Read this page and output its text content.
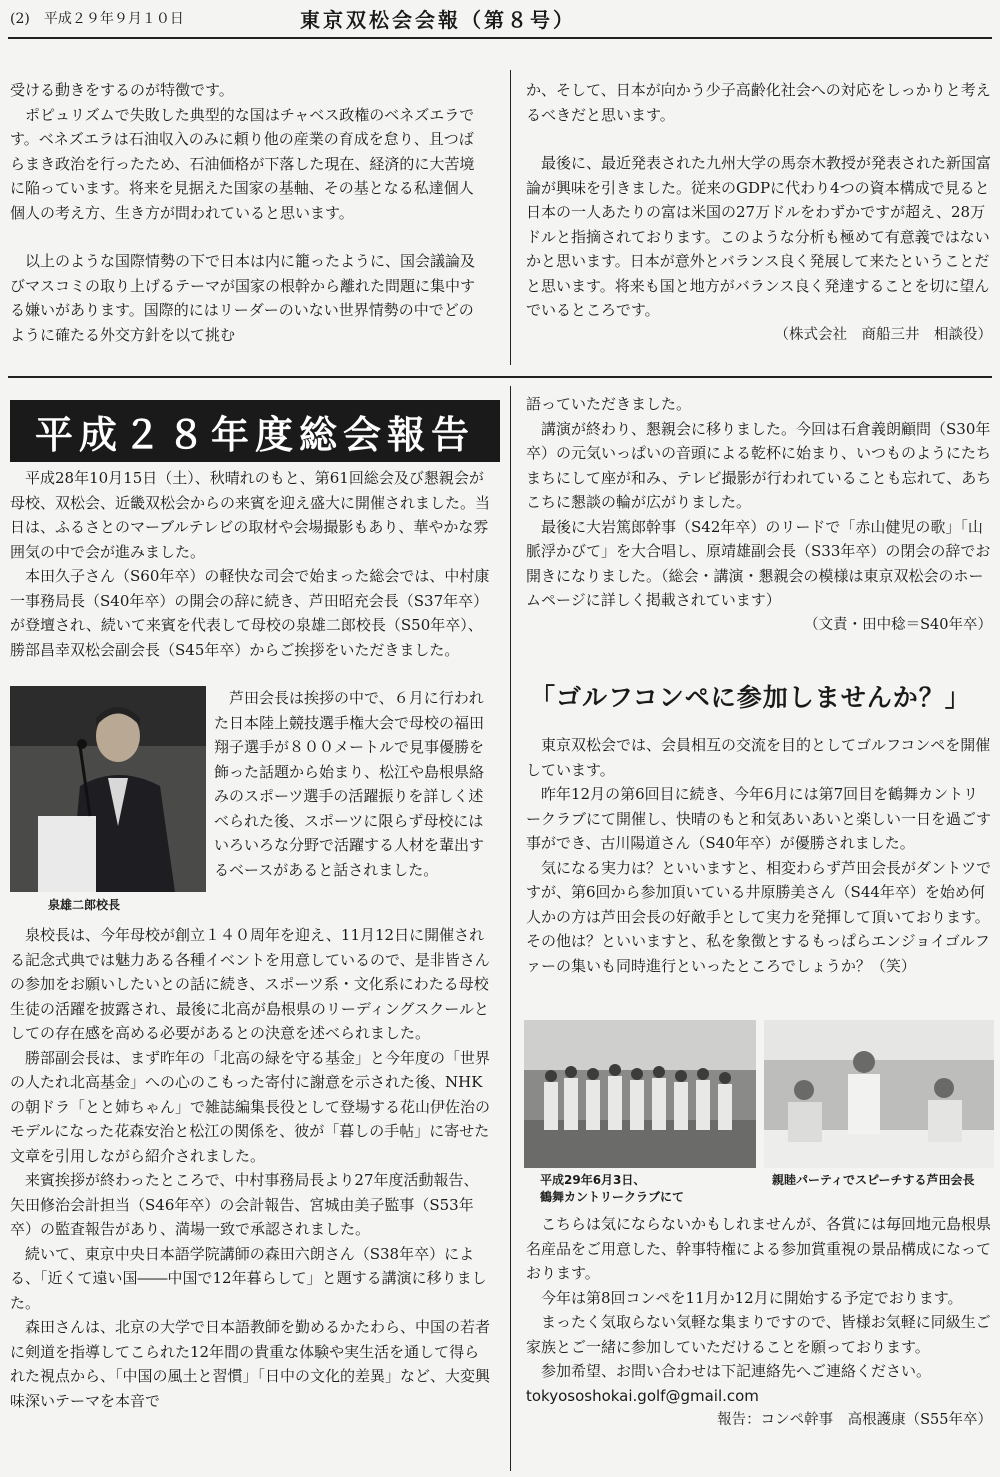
(2)　平成２９年９月１０日	東京双松会会報（第８号）

受ける動きをするのが特徴です。

ポピュリズムで失敗した典型的な国はチャベス政権のベネズエラです。ベネズエラは石油収入のみに頼り他の産業の育成を怠り、且つばらまき政治を行ったため、石油価格が下落した現在、経済的に大苦境に陥っています。将来を見据えた国家の基軸、その基となる私達個人個人の考え方、生き方が問われていると思います。

以上のような国際情勢の下で日本は内に籠ったように、国会議論及びマスコミの取り上げるテーマが国家の根幹から離れた問題に集中する嫌いがあります。国際的にはリーダーのいない世界情勢の中でどのように確たる外交方針を以て挑む

か、そして、日本が向かう少子高齢化社会への対応をしっかりと考えるべきだと思います。

最後に、最近発表された九州大学の馬奈木教授が発表された新国富論が興味を引きました。従来のGDPに代わり4つの資本構成で見ると日本の一人あたりの富は米国の27万ドルをわずかですが超え、28万ドルと指摘されております。このような分析も極めて有意義ではないかと思います。日本が意外とバランス良く発展して来たということだと思います。将来も国と地方がバランス良く発達することを切に望んでいるところです。

（株式会社　商船三井　相談役）
平成２８年度総会報告

平成28年10月15日（土）、秋晴れのもと、第61回総会及び懇親会が母校、双松会、近畿双松会からの来賓を迎え盛大に開催されました。当日は、ふるさとのマーブルテレビの取材や会場撮影もあり、華やかな雰囲気の中で会が進みました。

本田久子さん（S60年卒）の軽快な司会で始まった総会では、中村康一事務局長（S40年卒）の開会の辞に続き、芦田昭充会長（S37年卒）が登壇され、続いて来賓を代表して母校の泉雄二郎校長（S50年卒）、勝部昌幸双松会副会長（S45年卒）からご挨拶をいただきました。

泉雄二郎校長

芦田会長は挨拶の中で、６月に行われた日本陸上競技選手権大会で母校の福田翔子選手が８００メートルで見事優勝を飾った話題から始まり、松江や島根県絡みのスポーツ選手の活躍振りを詳しく述べられた後、スポーツに限らず母校にはいろいろな分野で活躍する人材を輩出するベースがあると話されました。

泉校長は、今年母校が創立１４０周年を迎え、11月12日に開催される記念式典では魅力ある各種イベントを用意しているので、是非皆さんの参加をお願いしたいとの話に続き、スポーツ系・文化系にわたる母校生徒の活躍を披露され、最後に北高が島根県のリーディングスクールとしての存在感を高める必要があるとの決意を述べられました。

勝部副会長は、まず昨年の「北高の緑を守る基金」と今年度の「世界の人たれ北高基金」への心のこもった寄付に謝意を示された後、NHKの朝ドラ「とと姉ちゃん」で雑誌編集長役として登場する花山伊佐治のモデルになった花森安治と松江の関係を、彼が「暮しの手帖」に寄せた文章を引用しながら紹介されました。

来賓挨拶が終わったところで、中村事務局長より27年度活動報告、矢田修治会計担当（S46年卒）の会計報告、宮城由美子監事（S53年卒）の監査報告があり、満場一致で承認されました。

続いて、東京中央日本語学院講師の森田六朗さん（S38年卒）による、「近くて遠い国――中国で12年暮らして」と題する講演に移りました。

森田さんは、北京の大学で日本語教師を勤めるかたわら、中国の若者に剣道を指導してこられた12年間の貴重な体験や実生活を通して得られた視点から、「中国の風土と習慣」「日中の文化的差異」など、大変興味深いテーマを本音で

語っていただきました。

講演が終わり、懇親会に移りました。今回は石倉義朗顧問（S30年卒）の元気いっぱいの音頭による乾杯に始まり、いつものようにたちまちにして座が和み、テレビ撮影が行われていることも忘れて、あちこちに懇談の輪が広がりました。

最後に大岩篤郎幹事（S42年卒）のリードで「赤山健児の歌」「山脈浮かびて」を大合唱し、原靖雄副会長（S33年卒）の閉会の辞でお開きになりました。（総会・講演・懇親会の模様は東京双松会のホームページに詳しく掲載されています）

（文責・田中稔＝S40年卒）
「ゴルフコンペに参加しませんか？」

東京双松会では、会員相互の交流を目的としてゴルフコンペを開催しています。

昨年12月の第6回目に続き、今年6月には第7回目を鶴舞カントリークラブにて開催し、快晴のもと和気あいあいと楽しい一日を過ごす事ができ、古川陽道さん（S40年卒）が優勝されました。

気になる実力は？といいますと、相変わらず芦田会長がダントツですが、第6回から参加頂いている井原勝美さん（S44年卒）を始め何人かの方は芦田会長の好敵手として実力を発揮して頂いております。その他は？といいますと、私を象徴とするもっぱらエンジョイゴルファーの集いも同時進行といったところでしょうか？（笑）

平成29年6月3日、
鶴舞カントリークラブにて
親睦パーティでスピーチする芦田会長

こちらは気にならないかもしれませんが、各賞には毎回地元島根県名産品をご用意した、幹事特権による参加賞重視の景品構成になっております。

今年は第8回コンペを11月か12月に開始する予定でおります。

まったく気取らない気軽な集まりですので、皆様お気軽に同級生ご家族とご一緒に参加していただけることを願っております。

参加希望、お問い合わせは下記連絡先へご連絡ください。

tokyososhokai.golf@gmail.com

報告：コンペ幹事　高根護康（S55年卒）
